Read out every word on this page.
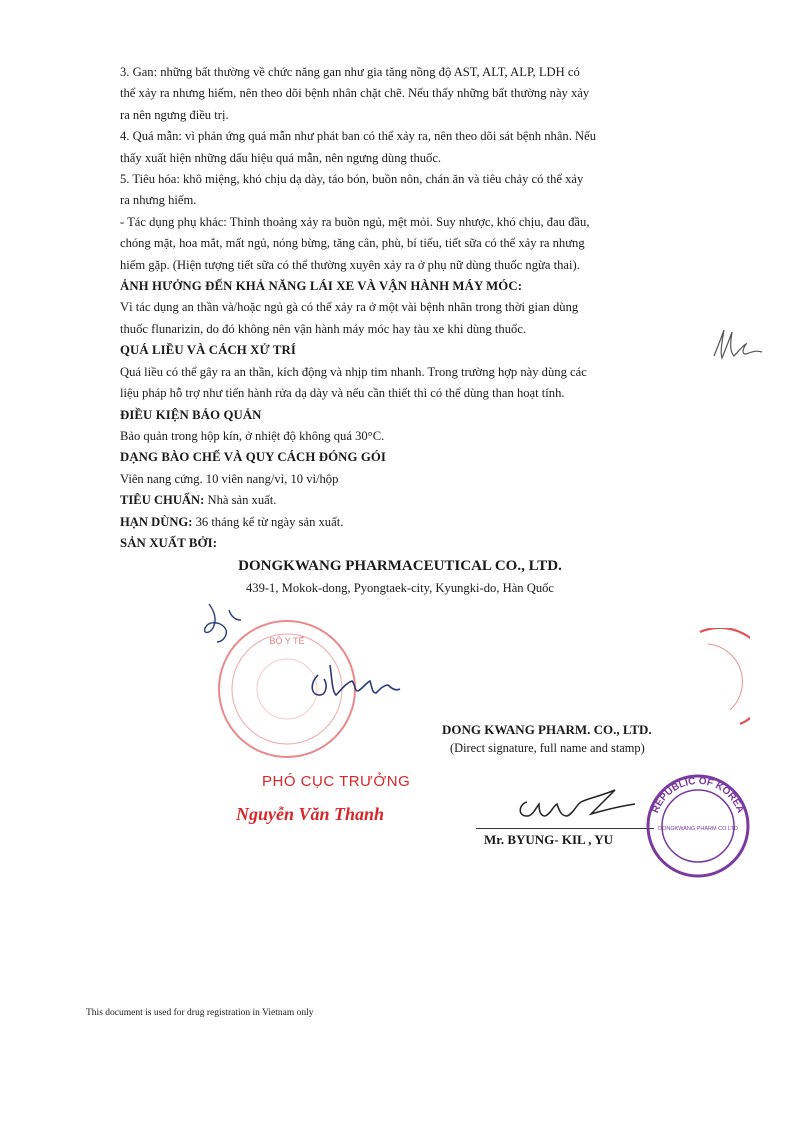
3. Gan: những bất thường về chức năng gan như gia tăng nồng độ AST, ALT, ALP, LDH có

thể xảy ra nhưng hiếm, nên theo dõi bệnh nhân chặt chẽ. Nếu thấy những bất thường này xảy

ra nên ngưng điều trị.

4. Quá mẫn: vì phản ứng quá mẫn như phát ban có thể xảy ra, nên theo dõi sát bệnh nhân. Nếu

thấy xuất hiện những dấu hiệu quá mẫn, nên ngưng dùng thuốc.

5. Tiêu hóa: khô miệng, khó chịu dạ dày, táo bón, buồn nôn, chán ăn và tiêu chảy có thể xảy

ra nhưng hiếm.

- Tác dụng phụ khác: Thỉnh thoảng xảy ra buồn ngủ, mệt mỏi. Suy nhược, khó chịu, đau đầu,

chóng mặt, hoa mắt, mất ngủ, nóng bừng, tăng cân, phù, bí tiểu, tiết sữa có thể xảy ra nhưng

hiếm gặp. (Hiện tượng tiết sữa có thể thường xuyên xảy ra ở phụ nữ dùng thuốc ngừa thai).

ẢNH HƯỞNG ĐẾN KHẢ NĂNG LÁI XE VÀ VẬN HÀNH MÁY MÓC:

Vì tác dụng an thần và/hoặc ngủ gà có thể xảy ra ở một vài bệnh nhân trong thời gian dùng

thuốc flunarizin, do đó không nên vận hành máy móc hay tàu xe khi dùng thuốc.

QUÁ LIỀU VÀ CÁCH XỬ TRÍ

Quá liều có thể gây ra an thần, kích động và nhịp tim nhanh. Trong trường hợp này dùng các

liệu pháp hỗ trợ như tiến hành rửa dạ dày và nếu cần thiết thì có thể dùng than hoạt tính.

ĐIỀU KIỆN BẢO QUẢN

Bảo quản trong hộp kín, ở nhiệt độ không quá 30°C.

DẠNG BÀO CHẾ VÀ QUY CÁCH ĐÓNG GÓI

Viên nang cứng. 10 viên nang/vỉ, 10 vỉ/hộp

TIÊU CHUẨN: Nhà sản xuất.

HẠN DÙNG: 36 tháng kể từ ngày sản xuất.

SẢN XUẤT BỞI:

DONGKWANG PHARMACEUTICAL CO., LTD.
439-1, Mokok-dong, Pyongtaek-city, Kyungki-do, Hàn Quốc
BỘ Y TẾ
DONG KWANG PHARM. CO., LTD.
(Direct signature, full name and stamp)
PHÓ CỤC TRƯỞNG
Nguyễn Văn Thanh
Mr. BYUNG- KIL , YU
REPUBLIC OF KOREA
DONGKWANG PHARM CO LTD
This document is used for drug registration in Vietnam only
